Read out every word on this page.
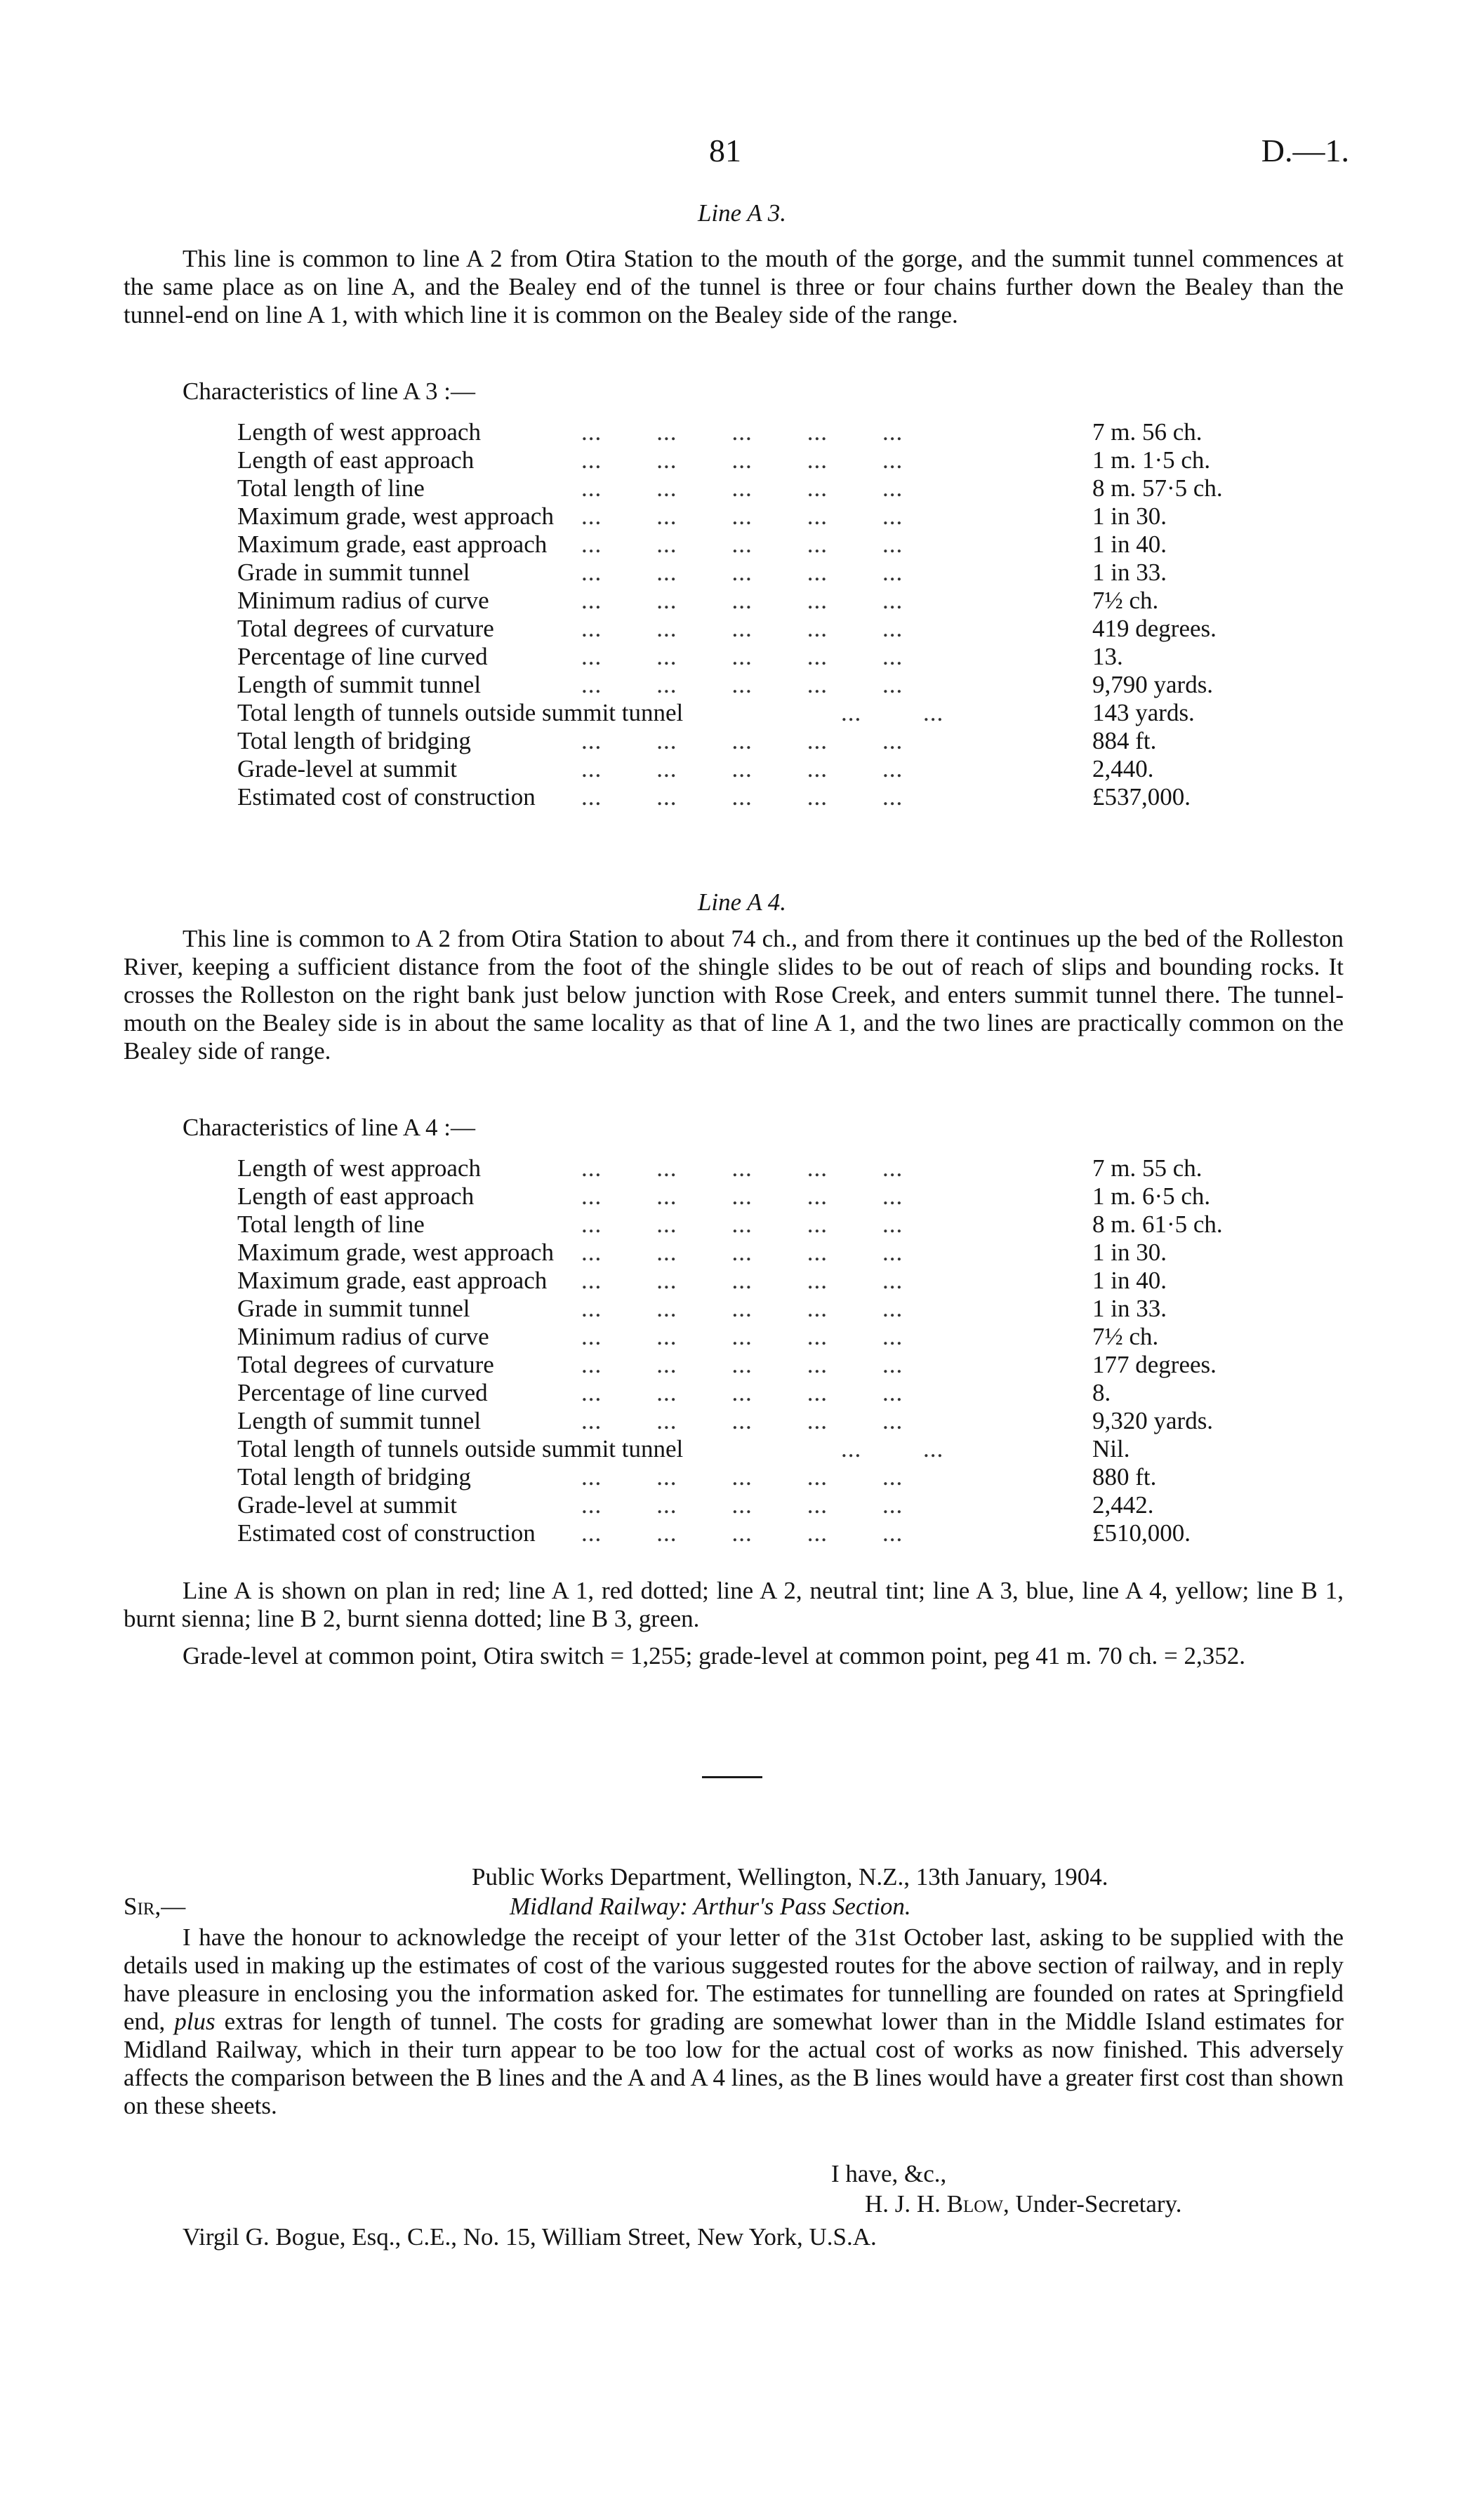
81	D.—1.
Line A 3.
This line is common to line A 2 from Otira Station to the mouth of the gorge, and the summit tunnel commences at the same place as on line A, and the Bealey end of the tunnel is three or four chains further down the Bealey than the tunnel-end on line A 1, with which line it is common on the Bealey side of the range.
Characteristics of line A 3 :—
Length of west approach	...        ...        ...        ...        ...	7 m. 56 ch.
Length of east approach	...        ...        ...        ...        ...	1 m. 1·5 ch.
Total length of line	...        ...        ...        ...        ...	8 m. 57·5 ch.
Maximum grade, west approach ...        ...        ...        ...        ...	1 in 30.
Maximum grade, east approach ...        ...        ...        ...        ...	1 in 40.
Grade in summit tunnel	...        ...        ...        ...        ...	1 in 33.
Minimum radius of curve	...        ...        ...        ...        ...	7½ ch.
Total degrees of curvature	...        ...        ...        ...        ...	419 degrees.
Percentage of line curved	...        ...        ...        ...        ...	13.
Length of summit tunnel	...        ...        ...        ...        ...	9,790 yards.
Total length of tunnels outside summit tunnel	...         ...	143 yards.
Total length of bridging	...        ...        ...        ...        ...	884 ft.
Grade-level at summit	...        ...        ...        ...        ...	2,440.
Estimated cost of construction ...        ...        ...        ...        ...	£537,000.
Line A 4.
This line is common to A 2 from Otira Station to about 74 ch., and from there it continues up the bed of the Rolleston River, keeping a sufficient distance from the foot of the shingle slides to be out of reach of slips and bounding rocks. It crosses the Rolleston on the right bank just below junction with Rose Creek, and enters summit tunnel there. The tunnel-mouth on the Bealey side is in about the same locality as that of line A 1, and the two lines are practically common on the Bealey side of range.
Characteristics of line A 4 :—
Length of west approach	...        ...        ...        ...        ...	7 m. 55 ch.
Length of east approach	...        ...        ...        ...        ...	1 m. 6·5 ch.
Total length of line	...        ...        ...        ...        ...	8 m. 61·5 ch.
Maximum grade, west approach ...        ...        ...        ...        ...	1 in 30.
Maximum grade, east approach ...        ...        ...        ...        ...	1 in 40.
Grade in summit tunnel	...        ...        ...        ...        ...	1 in 33.
Minimum radius of curve	...        ...        ...        ...        ...	7½ ch.
Total degrees of curvature	...        ...        ...        ...        ...	177 degrees.
Percentage of line curved	...        ...        ...        ...        ...	8.
Length of summit tunnel	...        ...        ...        ...        ...	9,320 yards.
Total length of tunnels outside summit tunnel	...         ...	Nil.
Total length of bridging	...        ...        ...        ...        ...	880 ft.
Grade-level at summit	...        ...        ...        ...        ...	2,442.
Estimated cost of construction ...        ...        ...        ...        ...	£510,000.
Line A is shown on plan in red; line A 1, red dotted; line A 2, neutral tint; line A 3, blue, line A 4, yellow; line B 1, burnt sienna; line B 2, burnt sienna dotted; line B 3, green.
Grade-level at common point, Otira switch = 1,255; grade-level at common point, peg 41 m. 70 ch. = 2,352.
Public Works Department, Wellington, N.Z., 13th January, 1904.
Sir,—	Midland Railway: Arthur's Pass Section.
I have the honour to acknowledge the receipt of your letter of the 31st October last, asking to be supplied with the details used in making up the estimates of cost of the various suggested routes for the above section of railway, and in reply have pleasure in enclosing you the information asked for. The estimates for tunnelling are founded on rates at Springfield end, plus extras for length of tunnel. The costs for grading are somewhat lower than in the Middle Island estimates for Midland Railway, which in their turn appear to be too low for the actual cost of works as now finished. This adversely affects the comparison between the B lines and the A and A 4 lines, as the B lines would have a greater first cost than shown on these sheets.
I have, &c.,
H. J. H. Blow, Under-Secretary.
Virgil G. Bogue, Esq., C.E., No. 15, William Street, New York, U.S.A.
